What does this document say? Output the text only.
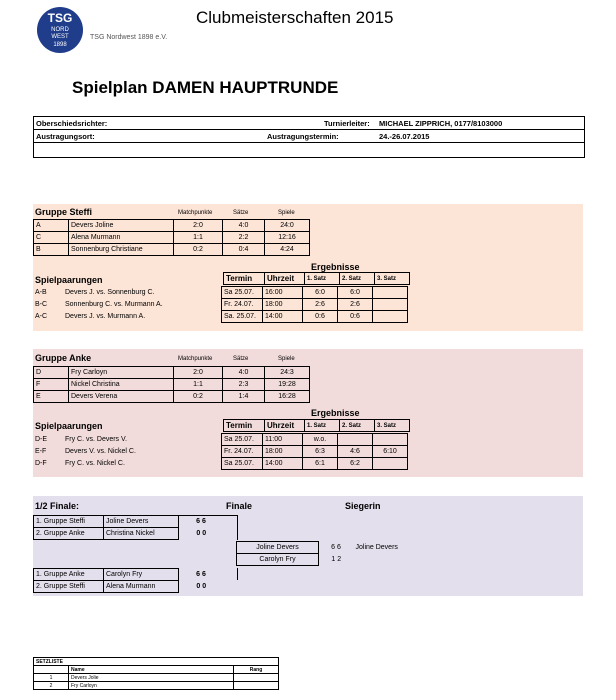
TSG
NORD
WEST
1898
TSG Nordwest 1898 e.V.
Clubmeisterschaften 2015
Spielplan DAMEN HAUPTRUNDE
Oberschiedsrichter:	Turnierleiter: MICHAEL ZIPPRICH, 0177/8103000
Austragungsort:	Austragungstermin:	24.-26.07.2015
Gruppe Steffi	Matchpunkte	Sätze	Spiele
A	Devers Joline	2:0	4:0	24:0
C	Alena Murmann	1:1	2:2	12:16
B	Sonnenburg Christiane	0:2	0:4	4:24
Ergebnisse
Spielpaarungen	Termin	Uhrzeit	1. Satz	2. Satz	3. Satz
A-B	Devers J. vs. Sonnenburg C.	Sa 25.07.	16:00	6:0	6:0	
B-C	Sonnenburg C. vs. Murmann A.	Fr. 24.07.	18:00	2:6	2:6	
A-C	Devers J. vs. Murmann A.	Sa. 25.07.	14:00	0:6	0:6	
Gruppe Anke	Matchpunkte	Sätze	Spiele
D	Fry Carloyn	2:0	4:0	24:3
F	Nickel Christina	1:1	2:3	19:28
E	Devers Verena	0:2	1:4	16:28
Ergebnisse
Spielpaarungen	Termin	Uhrzeit	1. Satz	2. Satz	3. Satz
D-E	Fry C. vs. Devers V.	Sa 25.07.	11:00	w.o.		
E-F	Devers V. vs. Nickel C.	Fr. 24.07.	18:00	6:3	4:6	6:10
D-F	Fry C. vs. Nickel C.	Sa 25.07.	14:00	6:1	6:2	
1/2 Finale:	Finale	Siegerin
1. Gruppe Steffi	Joline Devers	6 6
2. Gruppe Anke	Christina Nickel	0 0
1. Gruppe Anke	Carolyn Fry	6 6
2. Gruppe Steffi	Alena Murmann	0 0
Joline Devers	6 6	Joline Devers
Carolyn Fry	1 2	
SETZLISTE		
	Name	Rang
1	Devers Jolie	
2	Fry Carloyn	
